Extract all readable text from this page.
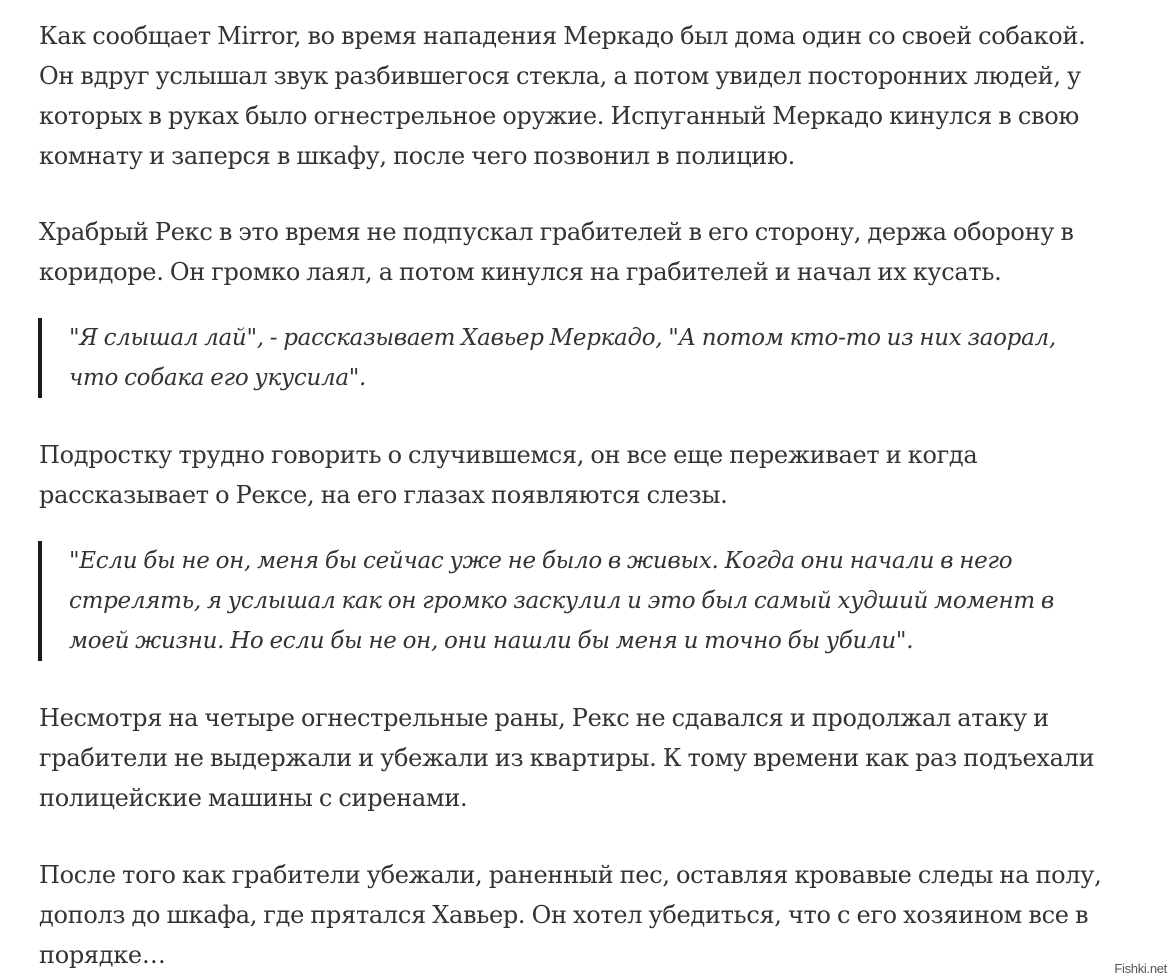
Как сообщает Mirror, во время нападения Меркадо был дома один со своей собакой.
Он вдруг услышал звук разбившегося стекла, а потом увидел посторонних людей, у
которых в руках было огнестрельное оружие. Испуганный Меркадо кинулся в свою
комнату и заперся в шкафу, после чего позвонил в полицию.

Храбрый Рекс в это время не подпускал грабителей в его сторону, держа оборону в
коридоре. Он громко лаял, а потом кинулся на грабителей и начал их кусать.

"Я слышал лай", - рассказывает Хавьер Меркадо, "А потом кто-то из них заорал,
что собака его укусила".

Подростку трудно говорить о случившемся, он все еще переживает и когда
рассказывает о Рексе, на его глазах появляются слезы.

"Если бы не он, меня бы сейчас уже не было в живых. Когда они начали в него
стрелять, я услышал как он громко заскулил и это был самый худший момент в
моей жизни. Но если бы не он, они нашли бы меня и точно бы убили".

Несмотря на четыре огнестрельные раны, Рекс не сдавался и продолжал атаку и
грабители не выдержали и убежали из квартиры. К тому времени как раз подъехали
полицейские машины с сиренами.

После того как грабители убежали, раненный пес, оставляя кровавые следы на полу,
дополз до шкафа, где прятался Хавьер. Он хотел убедиться, что с его хозяином все в
порядке…	Fishki.net
